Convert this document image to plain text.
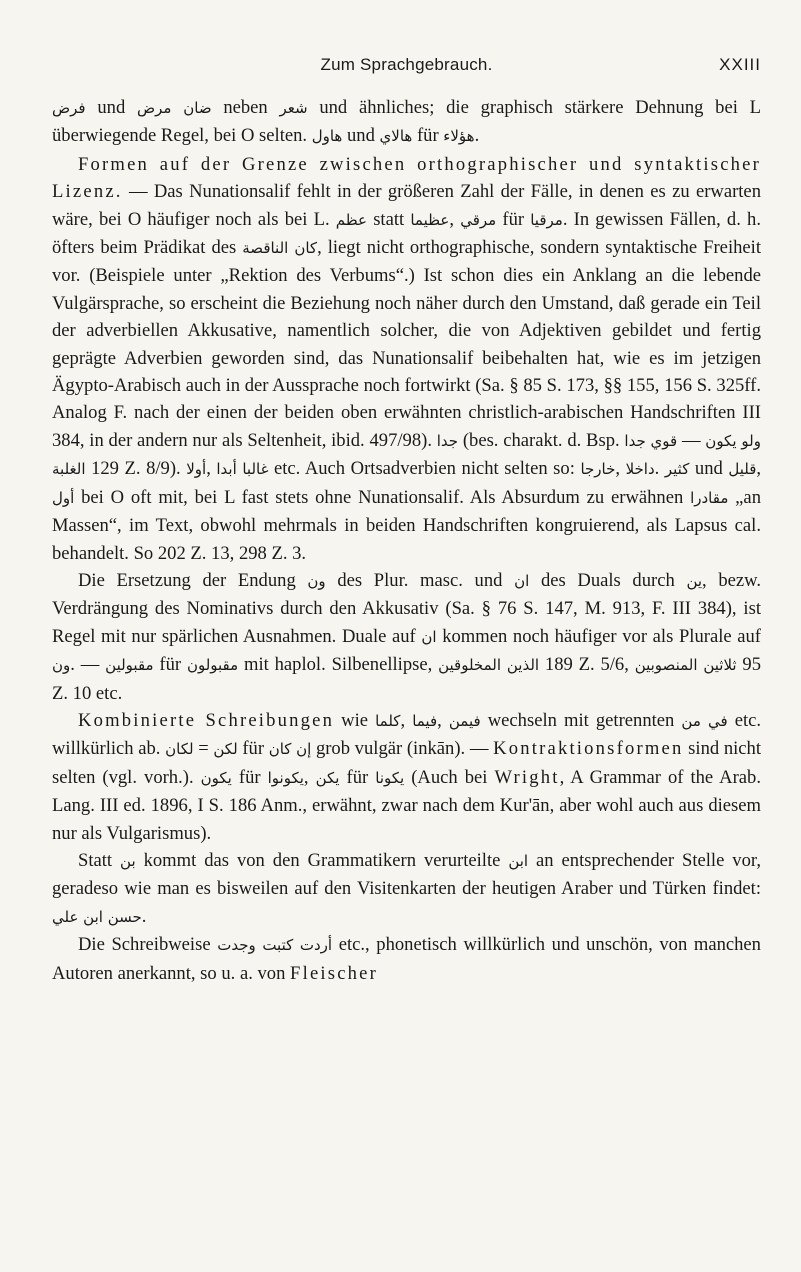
Zum Sprachgebrauch.	XXIII

فرض und مرض ضان neben شعر und ähnliches; die graphisch stärkere Dehnung bei L überwiegende Regel, bei O selten. هاول und هالاي für هؤلاء.

Formen auf der Grenze zwischen orthographischer und syntaktischer Lizenz. — Das Nunationsalif fehlt in der größeren Zahl der Fälle, in denen es zu erwarten wäre, bei O häufiger noch als bei L. عظم statt عظيما, مرقي für مرقيا. In gewissen Fällen, d. h. öfters beim Prädikat des الناقصة كان, liegt nicht orthographische, sondern syntaktische Freiheit vor. (Beispiele unter „Rektion des Verbums“.) Ist schon dies ein Anklang an die lebende Vulgärsprache, so erscheint die Beziehung noch näher durch den Umstand, daß gerade ein Teil der adverbiellen Akkusative, namentlich solcher, die von Adjektiven gebildet und fertig geprägte Adverbien geworden sind, das Nunationsalif beibehalten hat, wie es im jetzigen Ägypto-Arabisch auch in der Aussprache noch fortwirkt (Sa. § 85 S. 173, §§ 155, 156 S. 325ff. Analog F. nach der einen der beiden oben erwähnten christlich-arabischen Handschriften III 384, in der andern nur als Seltenheit, ibid. 497/98). جدا (bes. charakt. d. Bsp. جدا قوي — ولو يكون الغلبة 129 Z. 8/9). أولا, أبدا غالبا etc. Auch Ortsadverbien nicht selten so: خارجا, داخلا. كثير und قليل, أول bei O oft mit, bei L fast stets ohne Nunationsalif. Als Absurdum zu erwähnen مقادرا „an Massen“, im Text, obwohl mehrmals in beiden Handschriften kongruierend, als Lapsus cal. behandelt. So 202 Z. 13, 298 Z. 3.

Die Ersetzung der Endung ون des Plur. masc. und ان des Duals durch ين, bezw. Verdrängung des Nominativs durch den Akkusativ (Sa. § 76 S. 147, M. 913, F. III 384), ist Regel mit nur spärlichen Ausnahmen. Duale auf ان kommen noch häufiger vor als Plurale auf ون. — مقبولين für مقبولون mit haplol. Silbenellipse, المخلوقين الذين 189 Z. 5/6, المنصوبين ثلاثين 95 Z. 10 etc.

Kombinierte Schreibungen wie كلما, فيما, فيمن wechseln mit getrennten من في etc. willkürlich ab. لكان = لكن für كان إن grob vulgär (inkān). — Kontraktionsformen sind nicht selten (vgl. vorh.). يكون für يكونوا, يكن für يكونا (Auch bei Wright, A Grammar of the Arab. Lang. III ed. 1896, I S. 186 Anm., erwähnt, zwar nach dem Kur'ān, aber wohl auch aus diesem nur als Vulgarismus).

Statt بن kommt das von den Grammatikern verurteilte ابن an entsprechender Stelle vor, geradeso wie man es bisweilen auf den Visitenkarten der heutigen Araber und Türken findet: حسن ابن علي.

Die Schreibweise وجدت كتبت أردت etc., phonetisch willkürlich und unschön, von manchen Autoren anerkannt, so u. a. von Fleischer
